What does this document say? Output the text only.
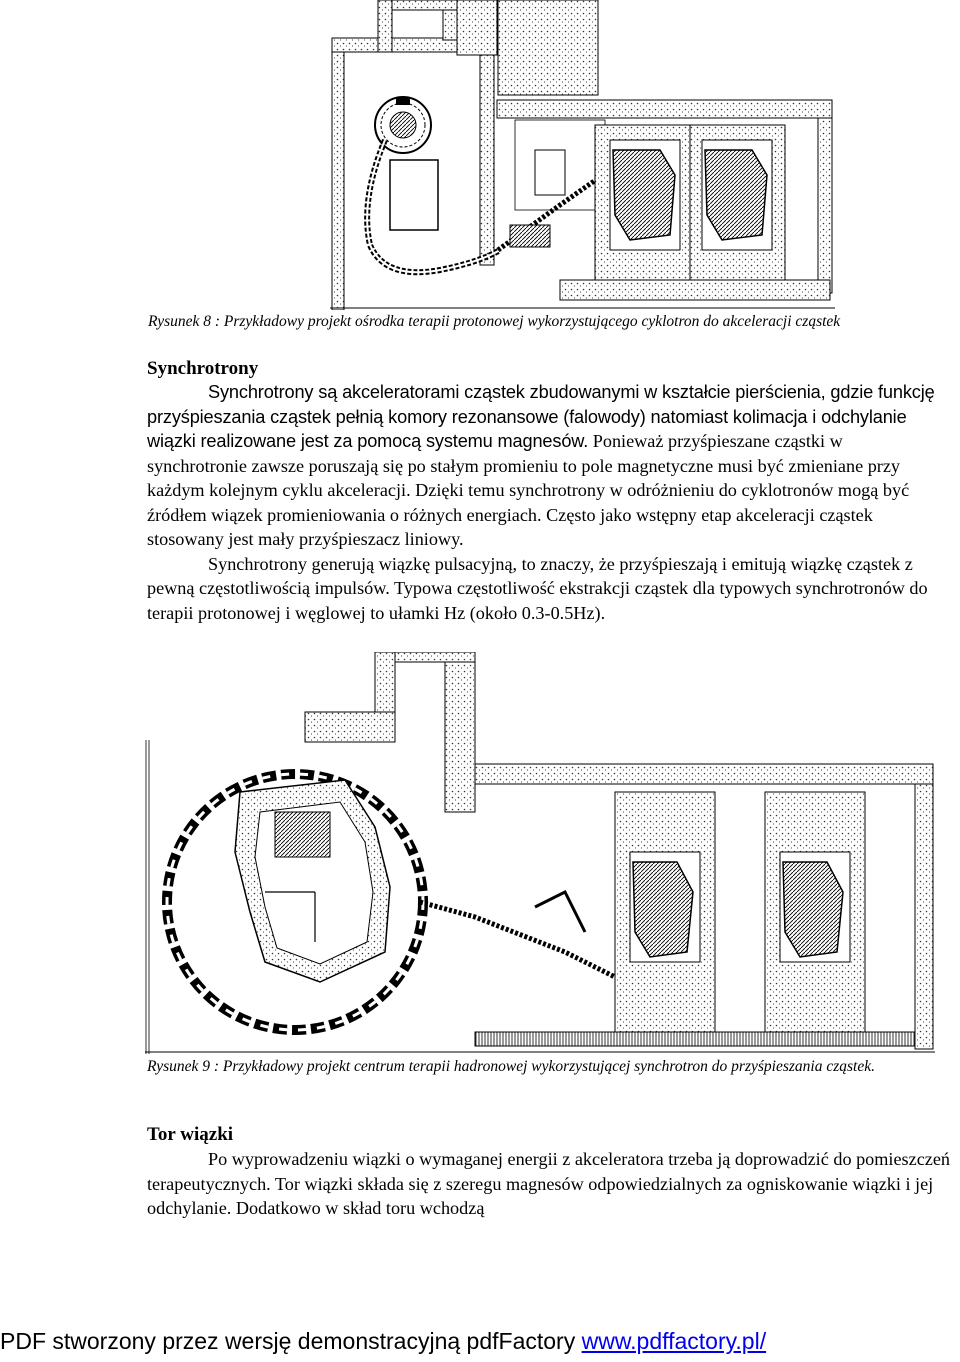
Rysunek 8 : Przykładowy projekt ośrodka terapii protonowej wykorzystującego cyklotron do akceleracji cząstek
Synchrotrony

Synchrotrony są akceleratorami cząstek zbudowanymi w kształcie pierścienia, gdzie funkcję przyśpieszania cząstek pełnią komory rezonansowe (falowody) natomiast kolimacja i odchylanie wiązki realizowane jest za pomocą systemu magnesów. Ponieważ przyśpieszane cząstki w synchrotronie zawsze poruszają się po stałym promieniu to pole magnetyczne musi być zmieniane przy każdym kolejnym cyklu akceleracji. Dzięki temu synchrotrony w odróżnieniu do cyklotronów mogą być źródłem wiązek promieniowania o różnych energiach. Często jako wstępny etap akceleracji cząstek stosowany jest mały przyśpieszacz liniowy.

Synchrotrony generują wiązkę pulsacyjną, to znaczy, że przyśpieszają i emitują wiązkę cząstek z pewną częstotliwością impulsów. Typowa częstotliwość ekstrakcji cząstek dla typowych synchrotronów do terapii protonowej i węglowej to ułamki Hz (około 0.3-0.5Hz).

Rysunek 9 : Przykładowy projekt centrum terapii hadronowej wykorzystującej synchrotron do przyśpieszania cząstek.
Tor wiązki

Po wyprowadzeniu wiązki o wymaganej energii z akceleratora trzeba ją doprowadzić do pomieszczeń terapeutycznych. Tor wiązki składa się z szeregu magnesów odpowiedzialnych za ogniskowanie wiązki i jej odchylanie. Dodatkowo w skład toru wchodzą

PDF stworzony przez wersję demonstracyjną pdfFactory www.pdffactory.pl/
